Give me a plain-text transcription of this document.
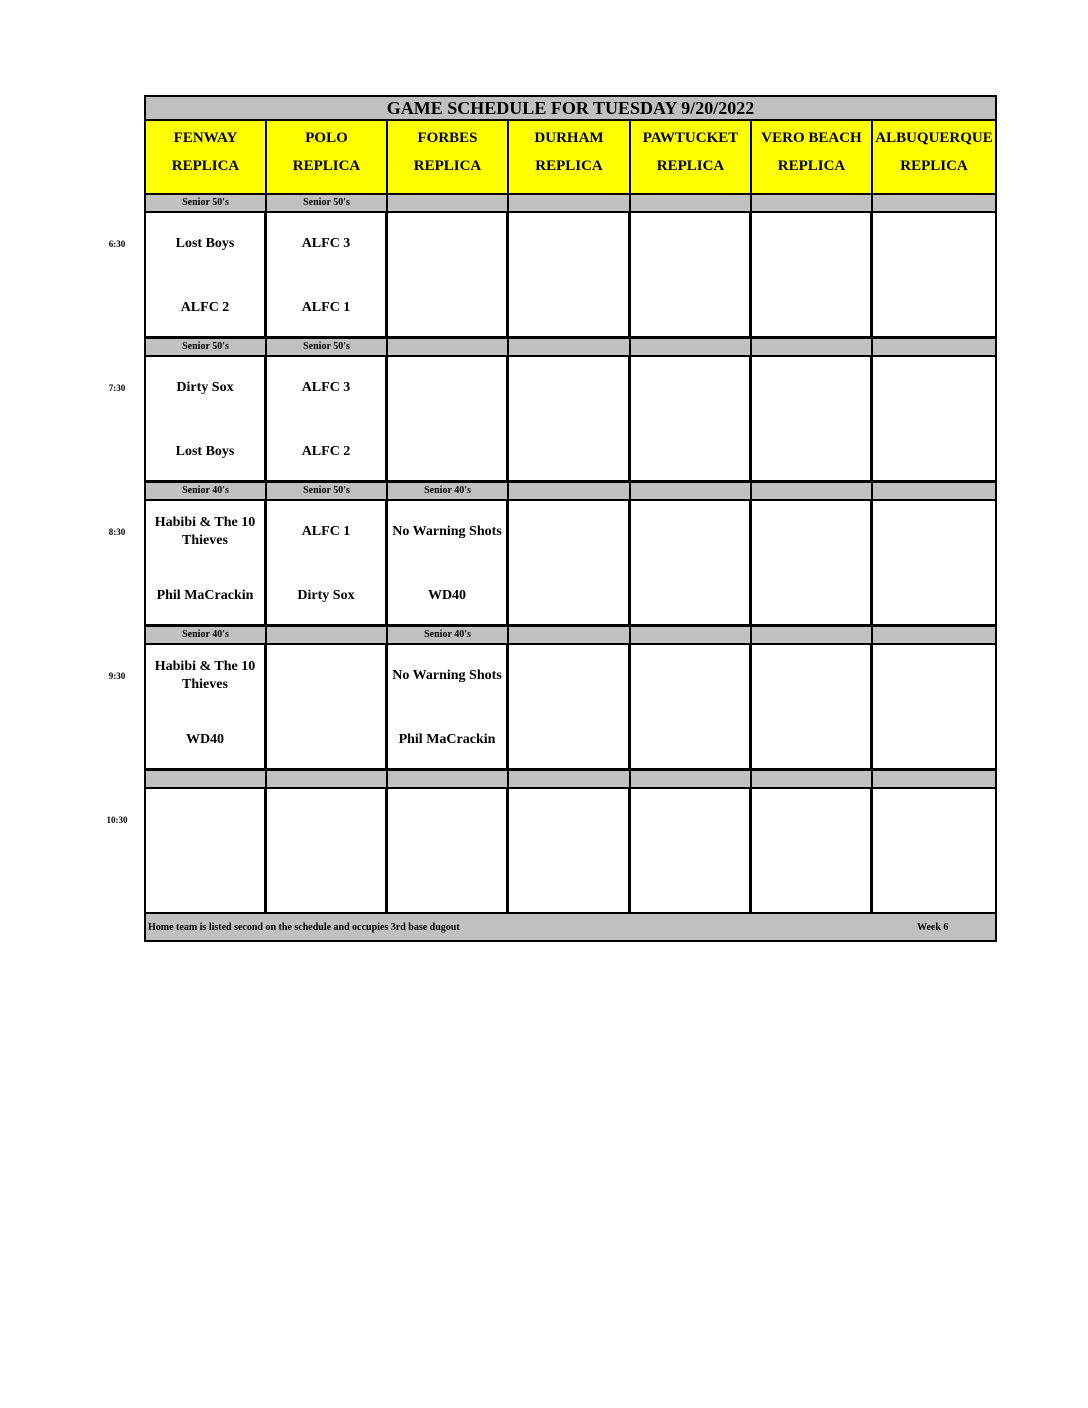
GAME SCHEDULE FOR TUESDAY 9/20/2022
FENWAY
REPLICA
POLO
REPLICA
FORBES
REPLICA
DURHAM
REPLICA
PAWTUCKET
REPLICA
VERO BEACH
REPLICA
ALBUQUERQUE
REPLICA
6:30
Senior 50's
Lost Boys
ALFC 2
Senior 50's
ALFC 3
ALFC 1
7:30
Senior 50's
Dirty Sox
Lost Boys
Senior 50's
ALFC 3
ALFC 2
8:30
Senior 40's
Habibi & The 10 Thieves
Phil MaCrackin
Senior 50's
ALFC 1
Dirty Sox
Senior 40's
No Warning Shots
WD40
9:30
Senior 40's
Habibi & The 10 Thieves
WD40
Senior 40's
No Warning Shots
Phil MaCrackin
10:30
Home team is listed second on the schedule and occupies 3rd base dugout	Week 6
